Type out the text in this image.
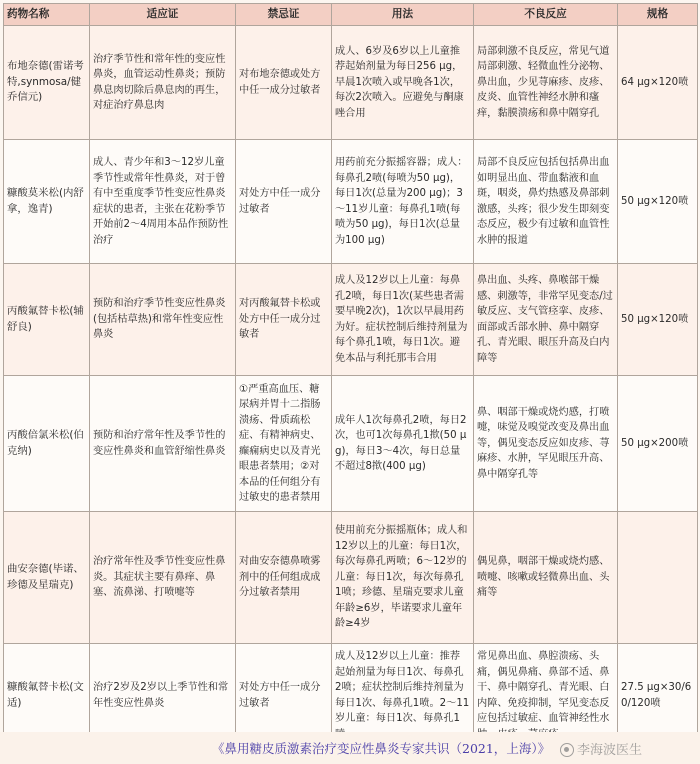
药物名称	适应证	禁忌证	用法	不良反应	规格
布地奈德(雷诺考特,synmosa/健乔信元)	治疗季节性和常年性的变应性鼻炎，血管运动性鼻炎；预防鼻息肉切除后鼻息肉的再生，对症治疗鼻息肉	对布地奈德或处方中任一成分过敏者	成人、6岁及6岁以上儿童推荐起始剂量为每日256 μg，早晨1次喷入或早晚各1次，每次2次喷入。应避免与酮康唑合用	局部刺激不良反应，常见气道局部刺激、轻微血性分泌物、鼻出血，少见荨麻疹、皮疹、皮炎、血管性神经水肿和瘙痒，黏膜溃疡和鼻中隔穿孔	64 μg×120喷
糠酸莫米松(内舒拿，逸青)	成人、青少年和3～12岁儿童季节性或常年性鼻炎，对于曾有中至重度季节性变应性鼻炎症状的患者，主张在花粉季节开始前2～4周用本品作预防性治疗	对处方中任一成分过敏者	用药前充分振摇容器；成人：每鼻孔2喷(每喷为50 μg)，每日1次(总量为200 μg)；3～11岁儿童：每鼻孔1喷(每喷为50 μg)，每日1次(总量为100 μg)	局部不良反应包括包括鼻出血如明显出血、带血黏液和血斑，咽炎，鼻灼热感及鼻部刺激感，头疼；很少发生即刻变态反应，极少有过敏和血管性水肿的报道	50 μg×120喷
丙酸氟替卡松(辅舒良)	预防和治疗季节性变应性鼻炎(包括枯草热)和常年性变应性鼻炎	对丙酸氟替卡松或处方中任一成分过敏者	成人及12岁以上儿童：每鼻孔2喷，每日1次(某些患者需要早晚2次)，1次以早晨用药为好。症状控制后维持剂量为每个鼻孔1喷，每日1次。避免本品与利托那韦合用	鼻出血、头疼、鼻喉部干燥感、刺激等，非常罕见变态/过敏反应、支气管痉挛、皮疹、面部或舌部水肿、鼻中隔穿孔、青光眼、眼压升高及白内障等	50 μg×120喷
丙酸倍氯米松(伯克纳)	预防和治疗常年性及季节性的变应性鼻炎和血管舒缩性鼻炎	①严重高血压、糖尿病并胃十二指肠溃疡、骨质疏松症、有精神病史、癫痫病史以及青光眼患者禁用；②对本品的任何组分有过敏史的患者禁用	成年人1次每鼻孔2喷，每日2次，也可1次每鼻孔1揿(50 μg)，每日3～4次，每日总量不超过8揿(400 μg)	鼻、咽部干燥或烧灼感，打喷嚏，味觉及嗅觉改变及鼻出血等，偶见变态反应如皮疹、荨麻疹、水肿，罕见眼压升高、鼻中隔穿孔等	50 μg×200喷
曲安奈德(毕诺、珍德及星瑞克)	治疗常年性及季节性变应性鼻炎。其症状主要有鼻痒、鼻塞、流鼻涕、打喷嚏等	对曲安奈德鼻喷雾剂中的任何组成成分过敏者禁用	使用前充分振摇瓶体；成人和12岁以上的儿童：每日1次，每次每鼻孔两喷；6～12岁的儿童：每日1次，每次每鼻孔1喷；珍德、星瑞克要求儿童年龄≥6岁，毕诺要求儿童年龄≥4岁	偶见鼻，咽部干燥或烧灼感、喷嚏、咳嗽或轻微鼻出血、头痛等	
糠酸氟替卡松(文适)	治疗2岁及2岁以上季节性和常年性变应性鼻炎	对处方中任一成分过敏者	成人及12岁以上儿童：推荐起始剂量为每日1次、每鼻孔2喷；症状控制后维持剂量为每日1次、每鼻孔1喷。2～11岁儿童：每日1次、每鼻孔1	常见鼻出血、鼻腔溃疡、头痛，偶见鼻痛、鼻部不适、鼻干、鼻中隔穿孔、青光眼、白内障、免疫抑制，罕见变态反应包括过敏症、血管神经性水	27.5 μg×30/60/120喷
《鼻用糖皮质激素治疗变应性鼻炎专家共识（2021，上海）》	李海波医生
